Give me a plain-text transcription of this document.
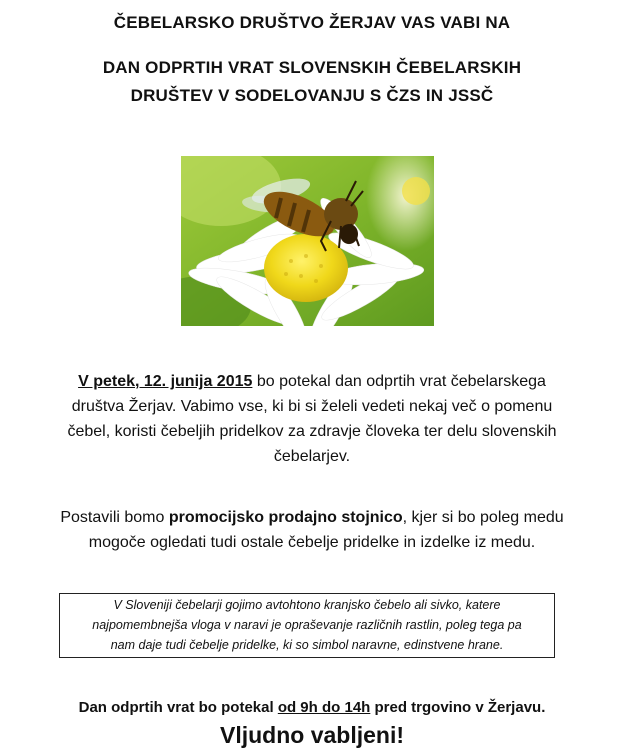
ČEBELARSKO DRUŠTVO ŽERJAV VAS VABI NA
DAN ODPRTIH VRAT SLOVENSKIH ČEBELARSKIH
DRUŠTEV V SODELOVANJU S ČZS IN JSSČ
V petek, 12. junija 2015 bo potekal dan odprtih vrat čebelarskega
društva Žerjav. Vabimo vse, ki bi si želeli vedeti nekaj več o pomenu
čebel, koristi čebeljih pridelkov za zdravje človeka ter delu slovenskih
čebelarjev.
Postavili bomo promocijsko prodajno stojnico, kjer si bo poleg medu
mogoče ogledati tudi ostale čebelje pridelke in izdelke iz medu.
V Sloveniji čebelarji gojimo avtohtono kranjsko čebelo ali sivko, katere
najpomembnejša vloga v naravi je opraševanje različnih rastlin, poleg tega pa
nam daje tudi čebelje pridelke, ki so simbol naravne, edinstvene hrane.
Dan odprtih vrat bo potekal od 9h do 14h pred trgovino v Žerjavu.
Vljudno vabljeni!
